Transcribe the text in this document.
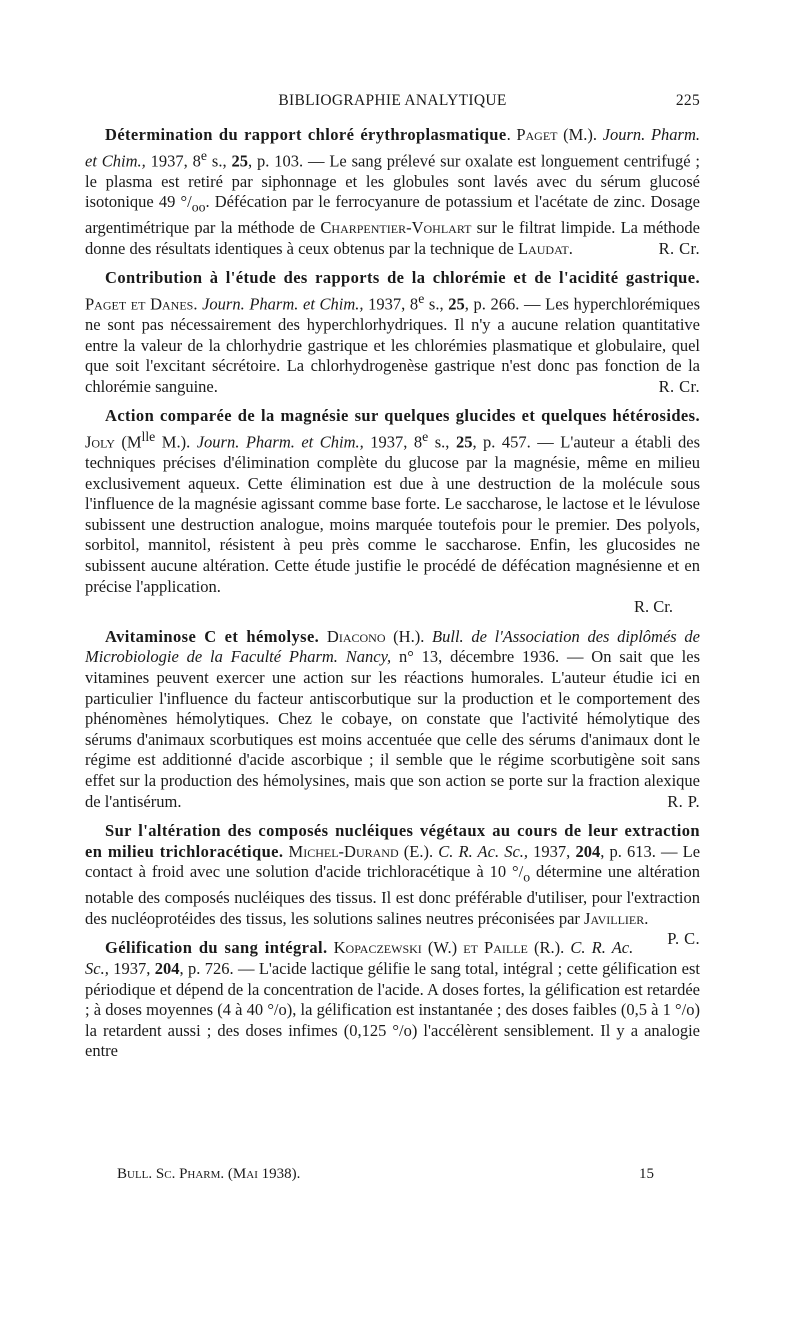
BIBLIOGRAPHIE ANALYTIQUE	225

Détermination du rapport chloré érythroplasmatique. Paget (M.). Journ. Pharm. et Chim., 1937, 8e s., 25, p. 103. — Le sang prélevé sur oxalate est longuement centrifugé ; le plasma est retiré par siphonnage et les globules sont lavés avec du sérum glucosé isotonique 49 $^\circ/_{oo}$. Défécation par le ferrocyanure de potassium et l'acétate de zinc. Dosage argentimétrique par la méthode de Charpentier-Vohlart sur le filtrat limpide. La méthode donne des résultats identiques à ceux obtenus par la technique de Laudat.	R. Cr.

Contribution à l'étude des rapports de la chlorémie et de l'acidité gastrique. Paget et Danes. Journ. Pharm. et Chim., 1937, 8e s., 25, p. 266. — Les hyperchlorémiques ne sont pas nécessairement des hyperchlorhydriques. Il n'y a aucune relation quantitative entre la valeur de la chlorhydrie gastrique et les chlorémies plasmatique et globulaire, quel que soit l'excitant sécrétoire. La chlorhydrogenèse gastrique n'est donc pas fonction de la chlorémie sanguine.	R. Cr.

Action comparée de la magnésie sur quelques glucides et quelques hétérosides. Joly ($M^{lle}$ M.). Journ. Pharm. et Chim., 1937, 8e s., 25, p. 457. — L'auteur a établi des techniques précises d'élimination complète du glucose par la magnésie, même en milieu exclusivement aqueux. Cette élimination est due à une destruction de la molécule sous l'influence de la magnésie agissant comme base forte. Le saccharose, le lactose et le lévulose subissent une destruction analogue, moins marquée toutefois pour le premier. Des polyols, sorbitol, mannitol, résistent à peu près comme le saccharose. Enfin, les glucosides ne subissent aucune altération. Cette étude justifie le procédé de défécation magnésienne et en précise l'application.

R. Cr.

Avitaminose C et hémolyse. Diacono (H.). Bull. de l'Association des diplômés de Microbiologie de la Faculté Pharm. Nancy, n° 13, décembre 1936. — On sait que les vitamines peuvent exercer une action sur les réactions humorales. L'auteur étudie ici en particulier l'influence du facteur antiscorbutique sur la production et le comportement des phénomènes hémolytiques. Chez le cobaye, on constate que l'activité hémolytique des sérums d'animaux scorbutiques est moins accentuée que celle des sérums d'animaux dont le régime est additionné d'acide ascorbique ; il semble que le régime scorbutigène soit sans effet sur la production des hémolysines, mais que son action se porte sur la fraction alexique de l'antisérum.	R. P.

Sur l'altération des composés nucléiques végétaux au cours de leur extraction en milieu trichloracétique. Michel-Durand (E.). C. R. Ac. Sc., 1937, 204, p. 613. — Le contact à froid avec une solution d'acide trichloracétique à 10 $^\circ/_o$ détermine une altération notable des composés nucléiques des tissus. Il est donc préférable d'utiliser, pour l'extraction des nucléoprotéides des tissus, les solutions salines neutres préconisées par Javillier.
P. C.

Gélification du sang intégral. Kopaczewski (W.) et Paille (R.). C. R. Ac. Sc., 1937, 204, p. 726. — L'acide lactique gélifie le sang total, intégral ; cette gélification est périodique et dépend de la concentration de l'acide. A doses fortes, la gélification est retardée ; à doses moyennes (4 à 40 °/o), la gélification est instantanée ; des doses faibles (0,5 à 1 °/o) la retardent aussi ; des doses infimes (0,125 °/o) l'accélèrent sensiblement. Il y a analogie entre

Bull. Sc. Pharm. (Mai 1938).	15
